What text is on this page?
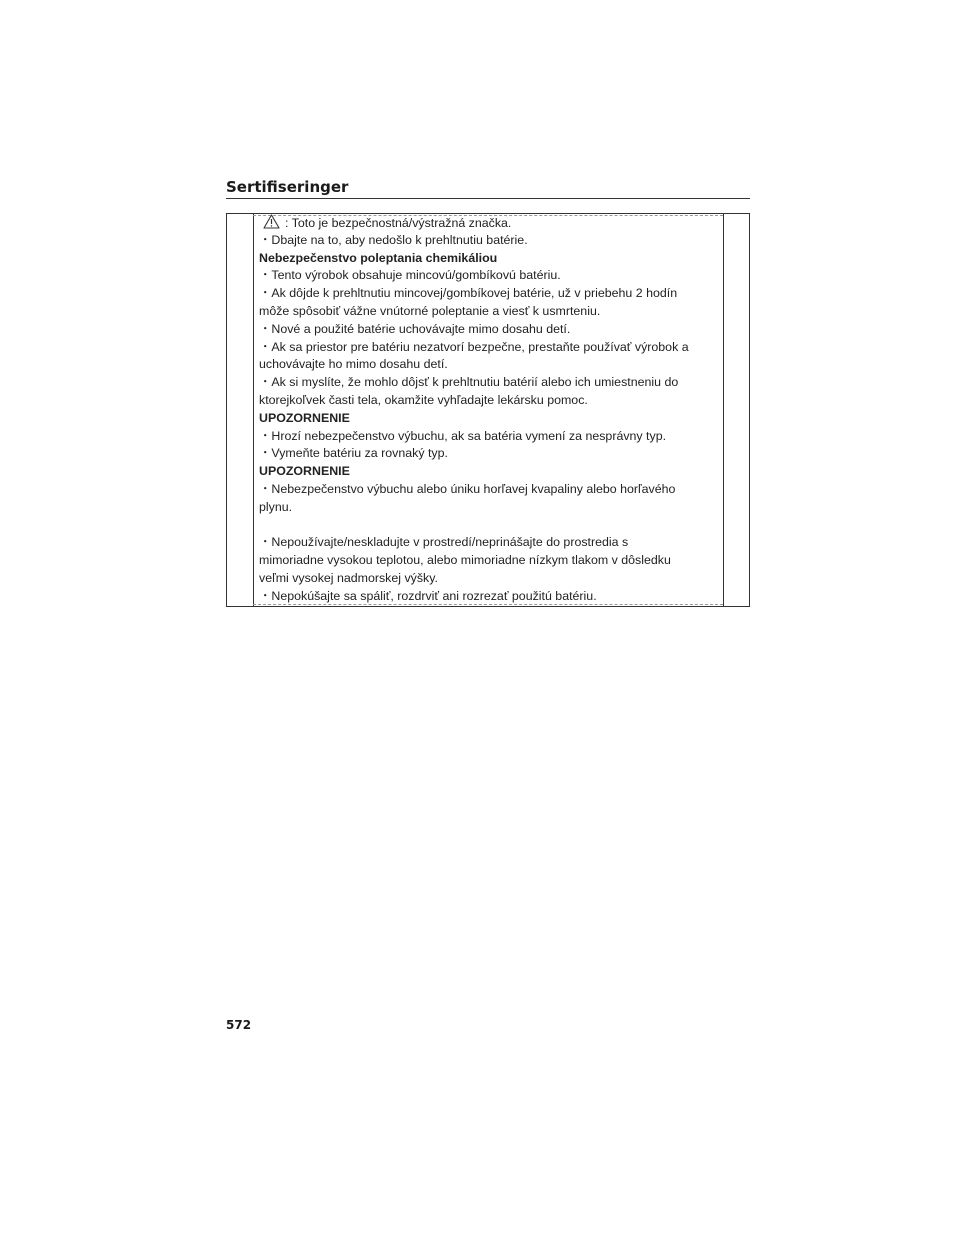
Sertifiseringer
: Toto je bezpečnostná/výstražná značka.
・Dbajte na to, aby nedošlo k prehltnutiu batérie.
Nebezpečenstvo poleptania chemikáliou
・Tento výrobok obsahuje mincovú/gombíkovú batériu.
・Ak dôjde k prehltnutiu mincovej/gombíkovej batérie, už v priebehu 2 hodín
môže spôsobiť vážne vnútorné poleptanie a viesť k usmrteniu.
・Nové a použité batérie uchovávajte mimo dosahu detí.
・Ak sa priestor pre batériu nezatvorí bezpečne, prestaňte používať výrobok a
uchovávajte ho mimo dosahu detí.
・Ak si myslíte, že mohlo dôjsť k prehltnutiu batérií alebo ich umiestneniu do
ktorejkoľvek časti tela, okamžite vyhľadajte lekársku pomoc.
UPOZORNENIE
・Hrozí nebezpečenstvo výbuchu, ak sa batéria vymení za nesprávny typ.
・Vymeňte batériu za rovnaký typ.
UPOZORNENIE
・Nebezpečenstvo výbuchu alebo úniku horľavej kvapaliny alebo horľavého
plynu.
・Nepoužívajte/neskladujte v prostredí/neprinášajte do prostredia s
mimoriadne vysokou teplotou, alebo mimoriadne nízkym tlakom v dôsledku
veľmi vysokej nadmorskej výšky.
・Nepokúšajte sa spáliť, rozdrviť ani rozrezať použitú batériu.
572
